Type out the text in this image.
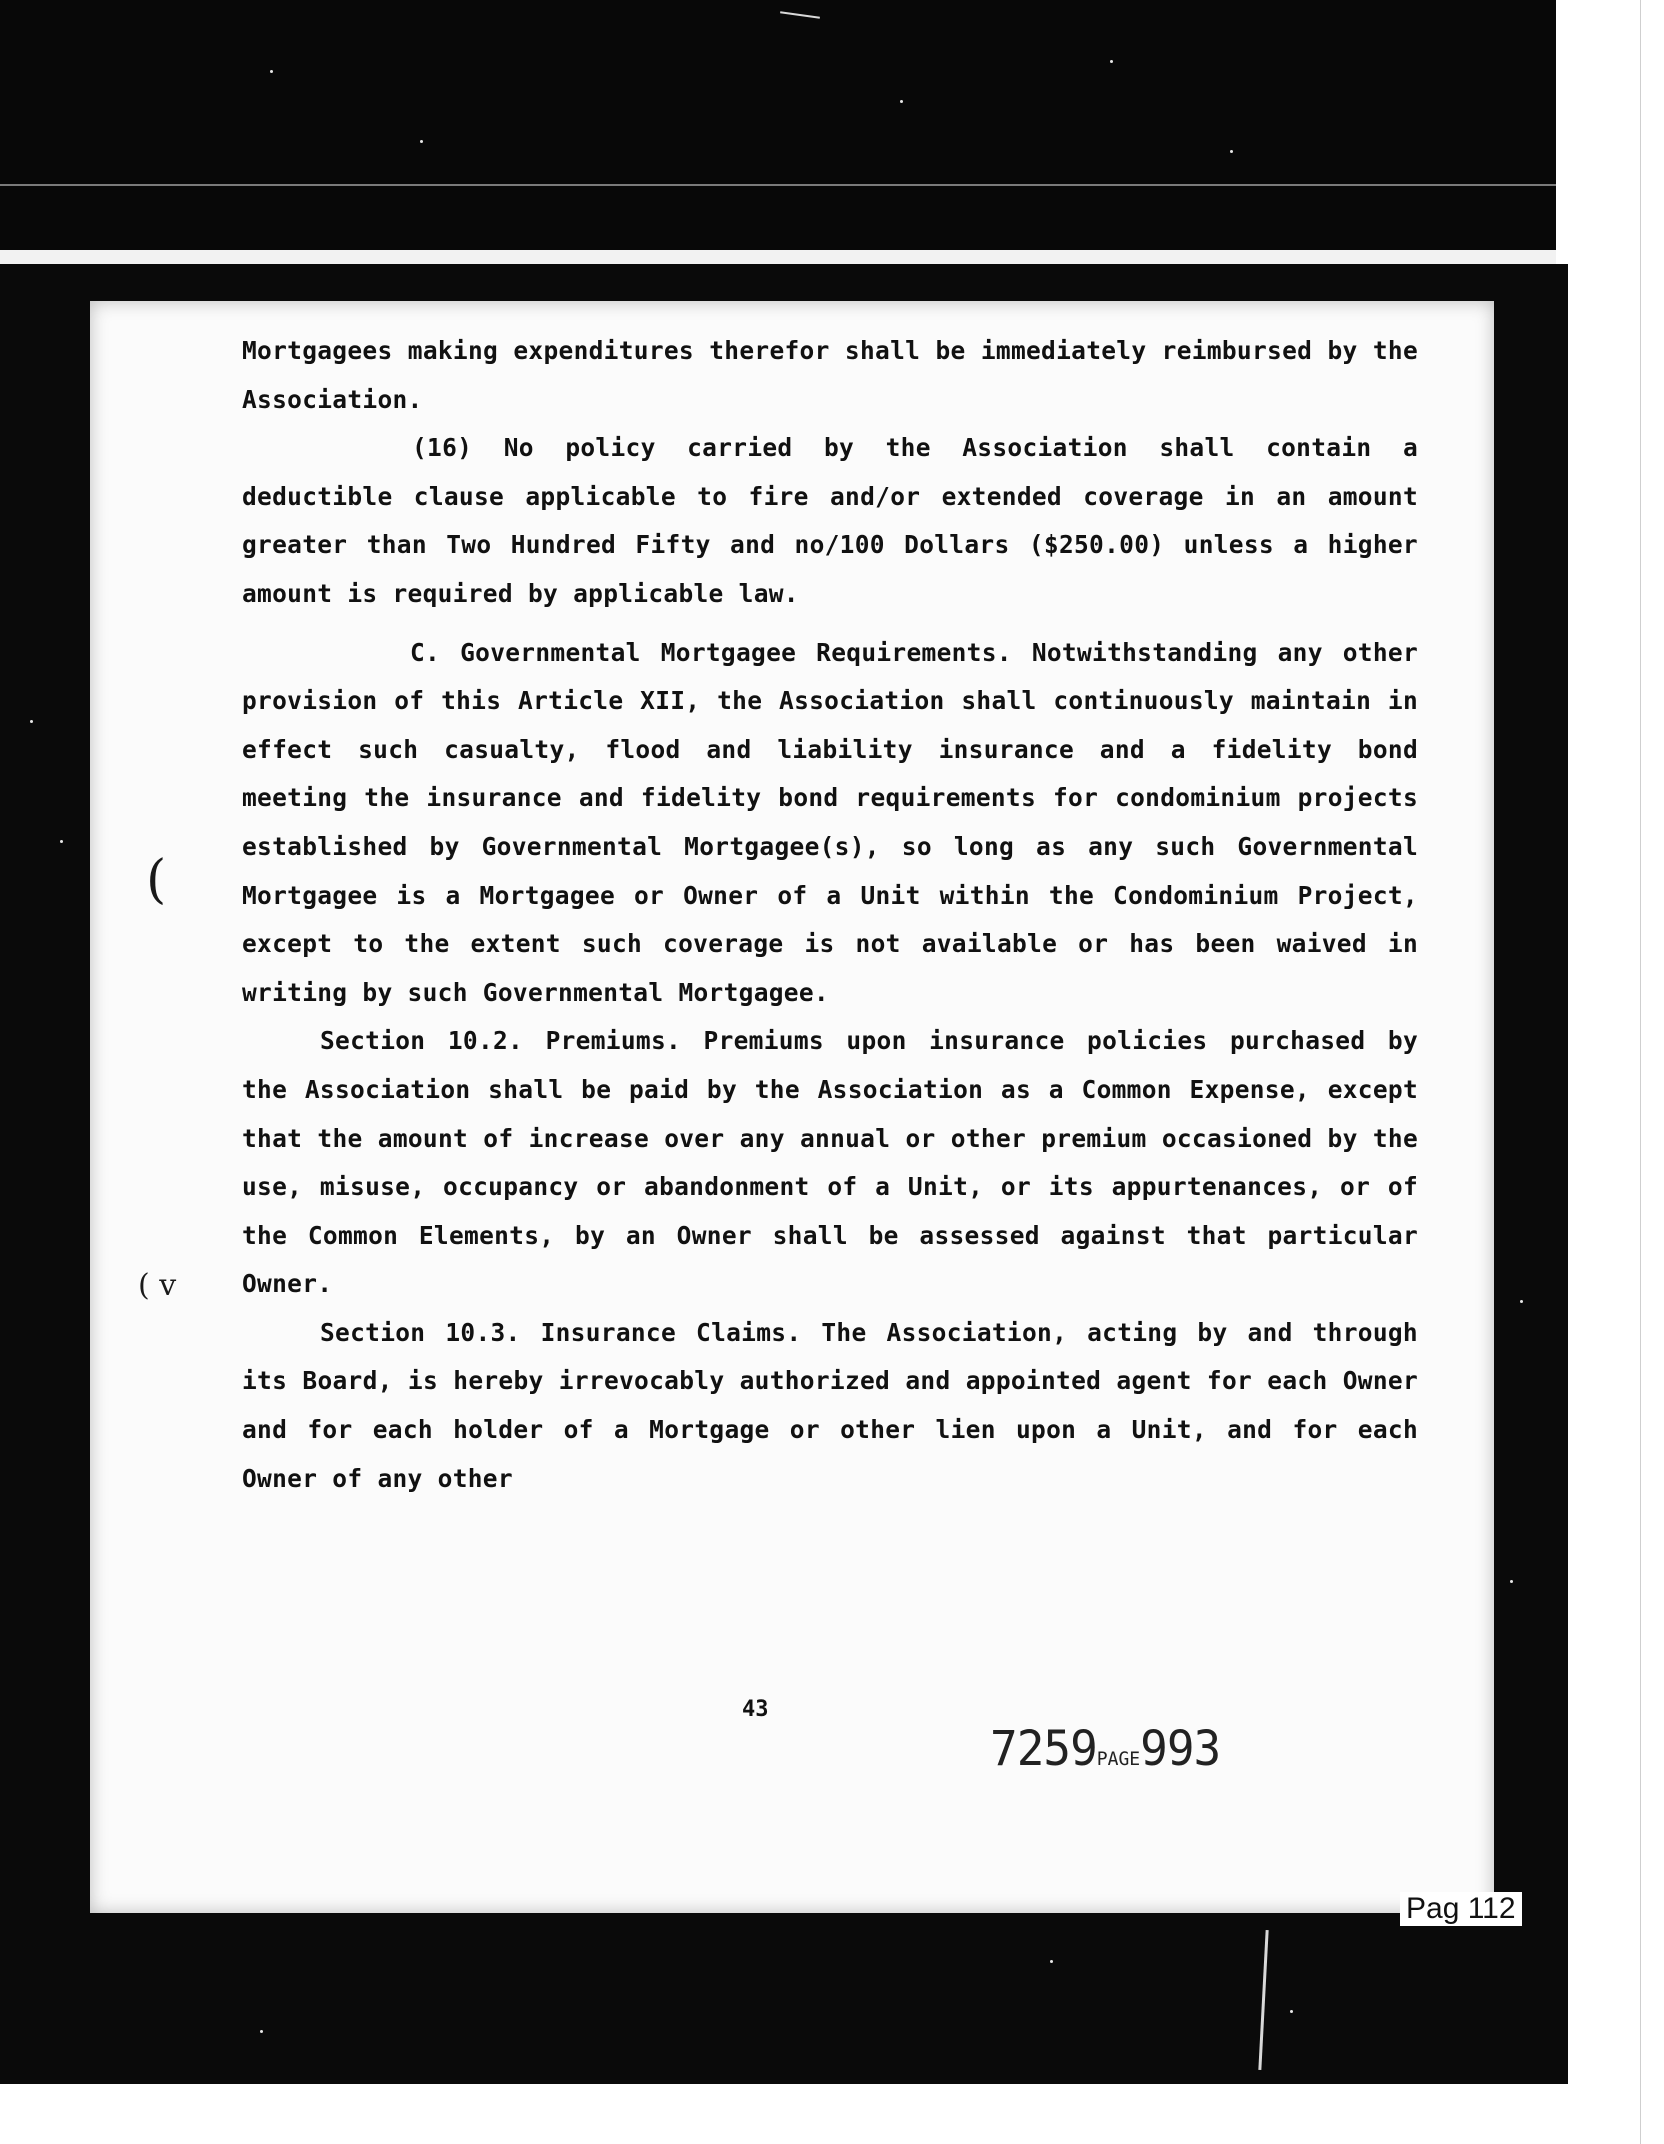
Mortgagees making expenditures therefor shall be immediately reimbursed by the Association.

(16) No policy carried by the Association shall contain a deductible clause applicable to fire and/or extended coverage in an amount greater than Two Hundred Fifty and no/100 Dollars ($250.00) unless a higher amount is required by applicable law.

C. Governmental Mortgagee Requirements. Notwithstanding any other provision of this Article XII, the Association shall continuously maintain in effect such casualty, flood and liability insurance and a fidelity bond meeting the insurance and fidelity bond requirements for condominium projects established by Governmental Mortgagee(s), so long as any such Governmental Mortgagee is a Mortgagee or Owner of a Unit within the Condominium Project, except to the extent such coverage is not available or has been waived in writing by such Governmental Mortgagee.

Section 10.2. Premiums. Premiums upon insurance policies purchased by the Association shall be paid by the Association as a Common Expense, except that the amount of increase over any annual or other premium occasioned by the use, misuse, occupancy or abandonment of a Unit, or its appurtenances, or of the Common Elements, by an Owner shall be assessed against that particular Owner.

Section 10.3. Insurance Claims. The Association, acting by and through its Board, is hereby irrevocably authorized and appointed agent for each Owner and for each holder of a Mortgage or other lien upon a Unit, and for each Owner of any other

43
7259PAGE993
(
( v
Pag 112
